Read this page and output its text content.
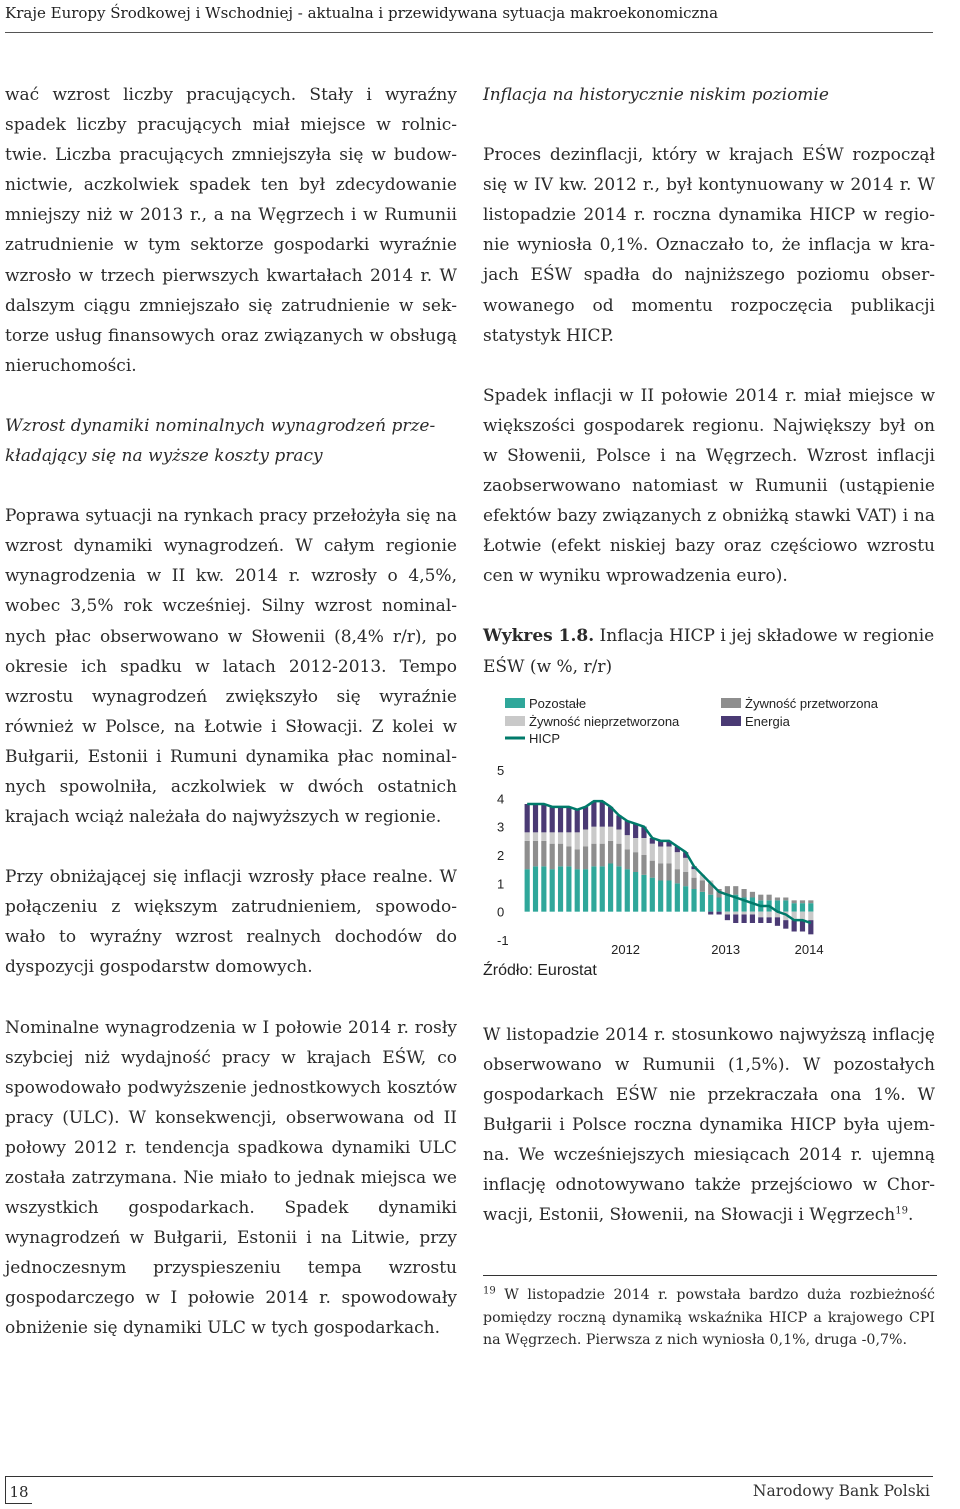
Kraje Europy Środkowej i Wschodniej - aktualna i przewidywana sytuacja makroekonomiczna

wać wzrost liczby pracujących. Stały i wyraźny spadek liczby pracujących miał miejsce w rolnictwie. Liczba pracujących zmniejszyła się w budownictwie, aczkolwiek spadek ten był zdecydowanie mniejszy niż w 2013 r., a na Węgrzech i w Rumunii zatrudnienie w tym sektorze gospodarki wyraźnie wzrosło w trzech pierwszych kwartałach 2014 r. W dalszym ciągu zmniejszało się zatrudnienie w sektorze usług finansowych oraz związanych w obsługą nieruchomości.

Wzrost dynamiki nominalnych wynagrodzeń przekładający się na wyższe koszty pracy

Poprawa sytuacji na rynkach pracy przełożyła się na wzrost dynamiki wynagrodzeń. W całym regionie wynagrodzenia w II kw. 2014 r. wzrosły o 4,5%, wobec 3,5% rok wcześniej. Silny wzrost nominalnych płac obserwowano w Słowenii (8,4% r/r), po okresie ich spadku w latach 2012-2013. Tempo wzrostu wynagrodzeń zwiększyło się wyraźnie również w Polsce, na Łotwie i Słowacji. Z kolei w Bułgarii, Estonii i Rumuni dynamika płac nominalnych spowolniła, aczkolwiek w dwóch ostatnich krajach wciąż należała do najwyższych w regionie.

Przy obniżającej się inflacji wzrosły płace realne. W połączeniu z większym zatrudnieniem, spowodowało to wyraźny wzrost realnych dochodów do dyspozycji gospodarstw domowych.

Nominalne wynagrodzenia w I połowie 2014 r. rosły szybciej niż wydajność pracy w krajach EŚW, co spowodowało podwyższenie jednostkowych kosztów pracy (ULC). W konsekwencji, obserwowana od II połowy 2012 r. tendencja spadkowa dynamiki ULC została zatrzymana. Nie miało to jednak miejsca we wszystkich gospodarkach. Spadek dynamiki wynagrodzeń w Bułgarii, Estonii i na Litwie, przy jednoczesnym przyspieszeniu tempa wzrostu gospodarczego w I połowie 2014 r. spowodowały obniżenie się dynamiki ULC w tych gospodarkach.

Inflacja na historycznie niskim poziomie

Proces dezinflacji, który w krajach EŚW rozpoczął się w IV kw. 2012 r., był kontynuowany w 2014 r. W listopadzie 2014 r. roczna dynamika HICP w regionie wyniosła 0,1%. Oznaczało to, że inflacja w krajach EŚW spadła do najniższego poziomu obserwowanego od momentu rozpoczęcia publikacji statystyk HICP.

Spadek inflacji w II połowie 2014 r. miał miejsce w większości gospodarek regionu. Największy był on w Słowenii, Polsce i na Węgrzech. Wzrost inflacji zaobserwowano natomiast w Rumunii (ustąpienie efektów bazy związanych z obniżką stawki VAT) i na Łotwie (efekt niskiej bazy oraz częściowo wzrostu cen w wyniku wprowadzenia euro).

Wykres 1.8. Inflacja HICP i jej składowe w regionie EŚW (w %, r/r)

Pozostałe	Żywność przetworzona
Żywność nieprzetworzona	Energia
HICP
5
4
3
2
1
0
-1
2012	2013	2014
Źródło: Eurostat

W listopadzie 2014 r. stosunkowo najwyższą inflację obserwowano w Rumunii (1,5%). W pozostałych gospodarkach EŚW nie przekraczała ona 1%. W Bułgarii i Polsce roczna dynamika HICP była ujemna. We wcześniejszych miesiącach 2014 r. ujemną inflację odnotowywano także przejściowo w Chorwacji, Estonii, Słowenii, na Słowacji i Węgrzech$^{19}$.

$^{19}$ W listopadzie 2014 r. powstała bardzo duża rozbieżność pomiędzy roczną dynamiką wskaźnika HICP a krajowego CPI na Węgrzech. Pierwsza z nich wyniosła 0,1%, druga -0,7%.

18	Narodowy Bank Polski
